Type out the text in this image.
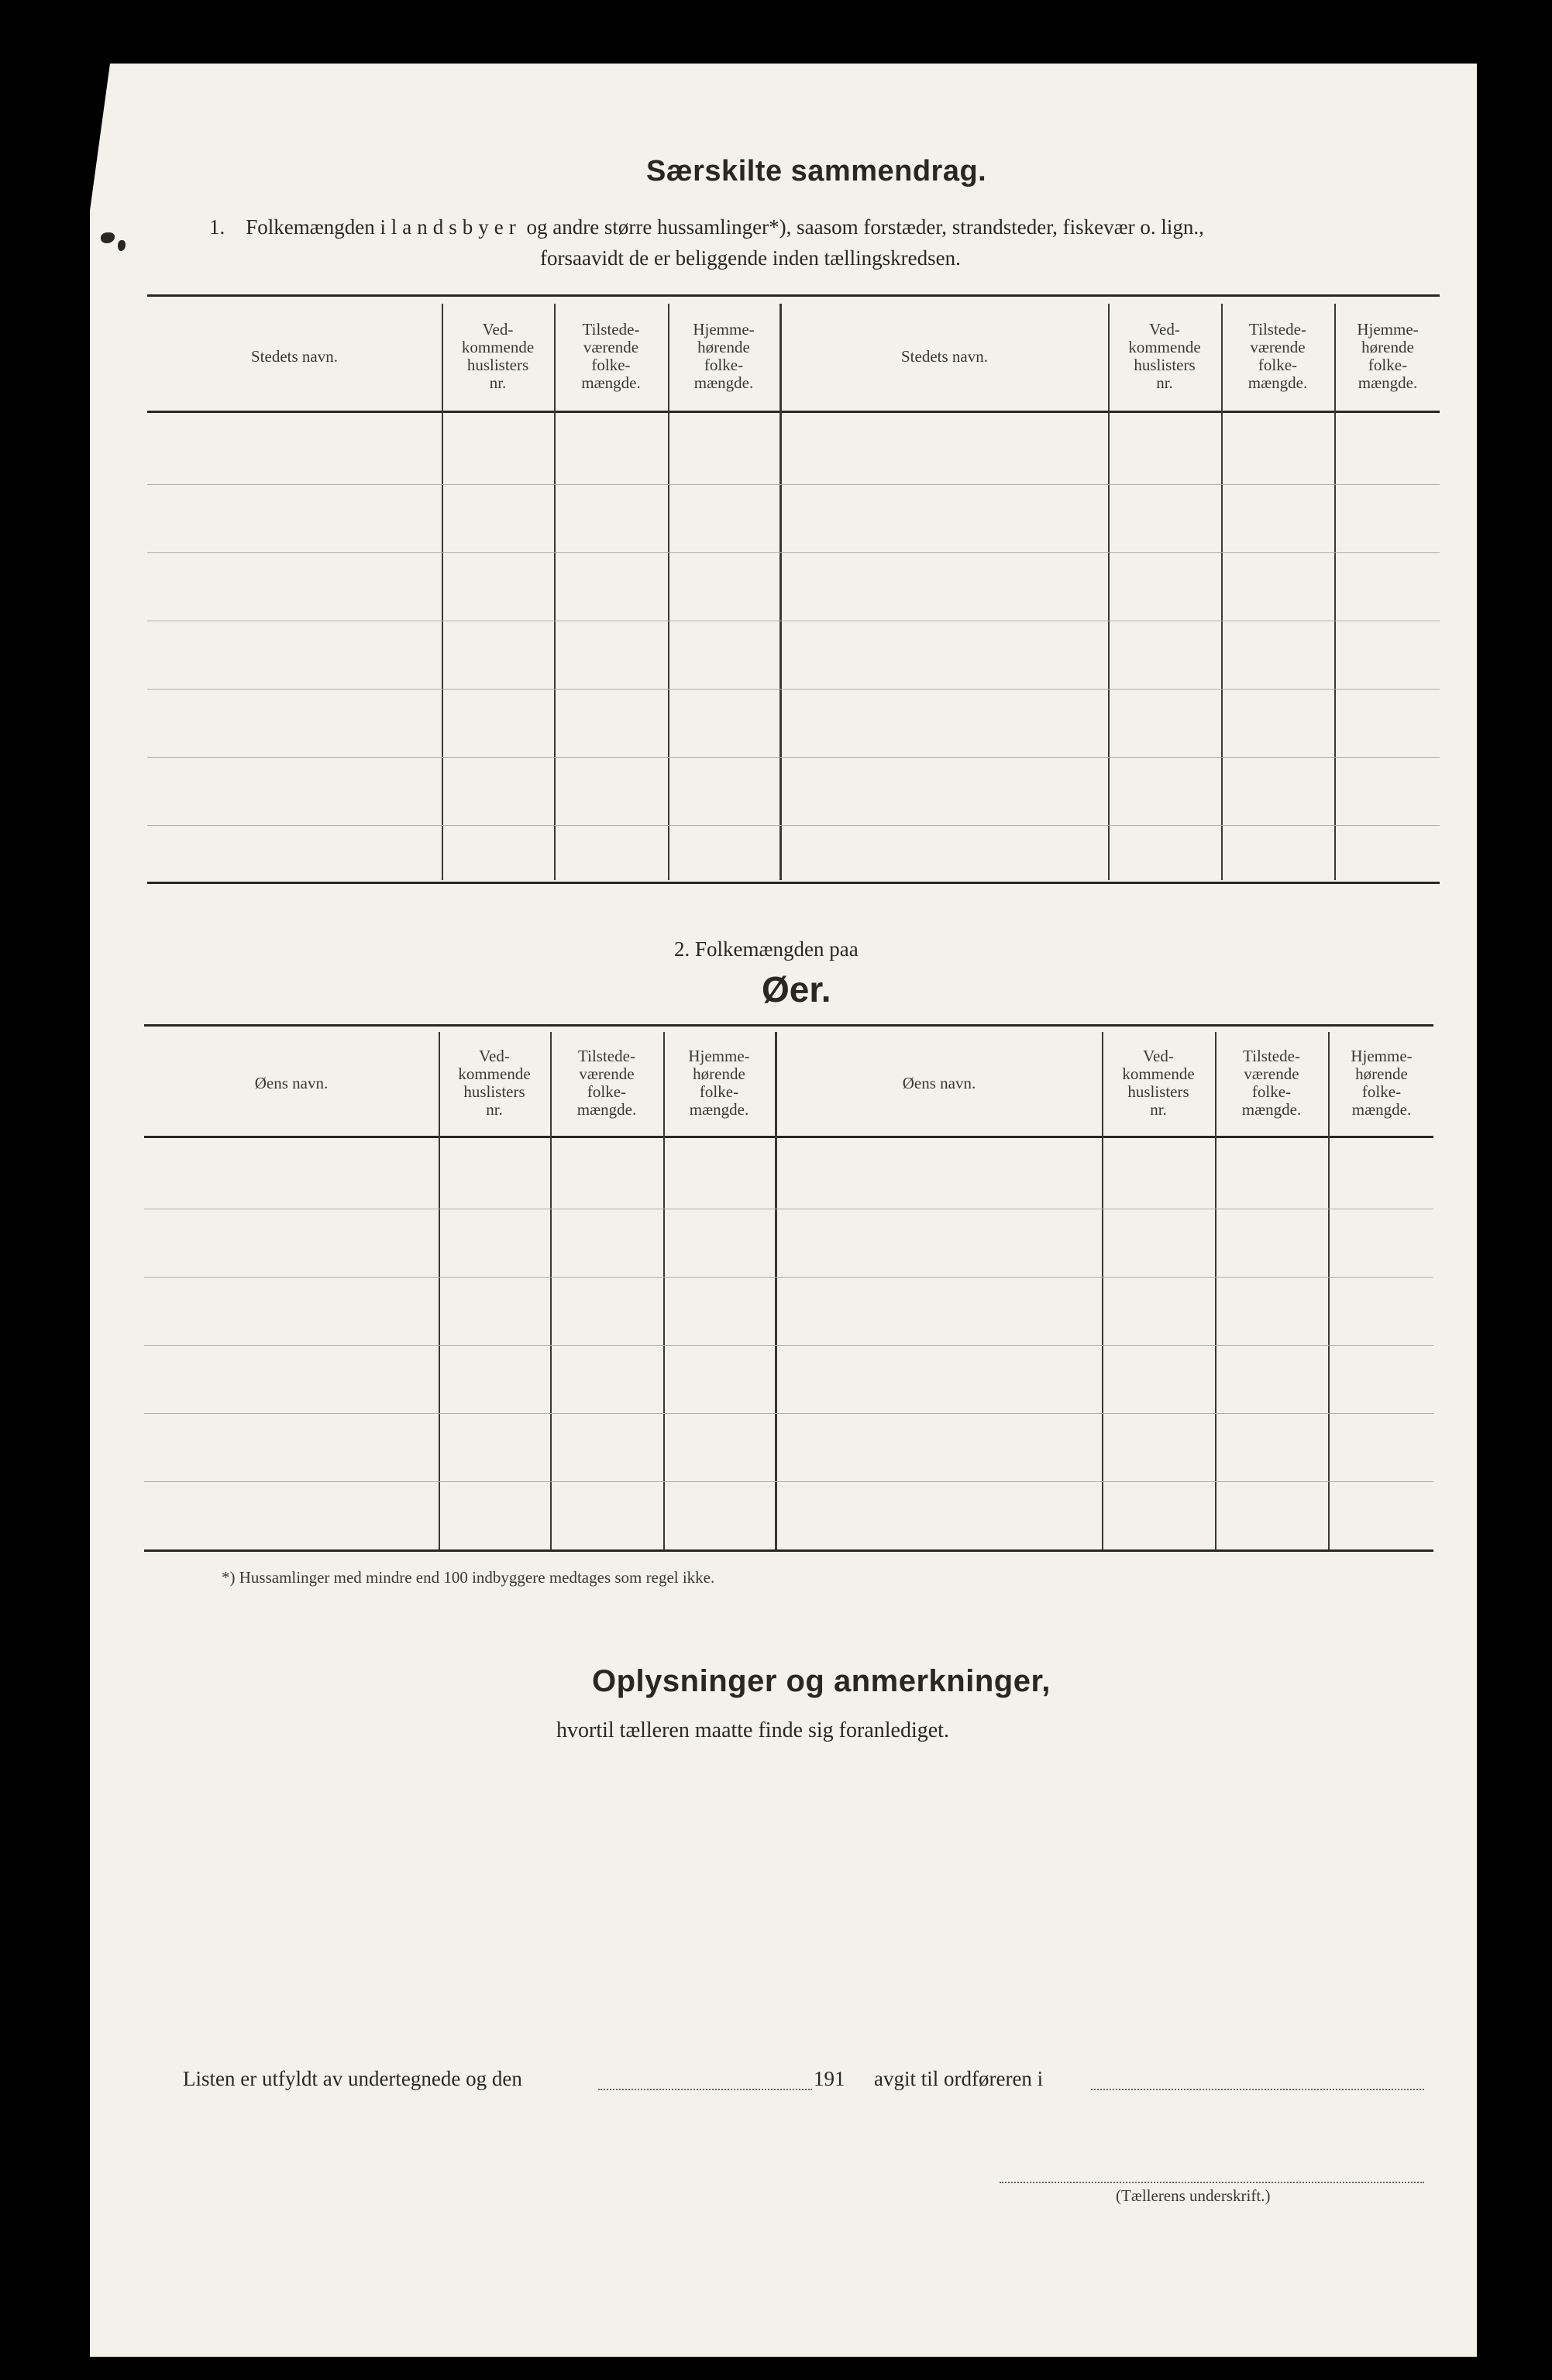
Særskilte sammendrag.
1. Folkemængden i landsbyer og andre større hussamlinger*), saasom forstæder, strandsteder, fiskevær o. lign.,
forsaavidt de er beliggende inden tællingskredsen.
Stedets navn.
Ved-
kommende
huslisters
nr.
Tilstede-
værende
folke-
mængde.
Hjemme-
hørende
folke-
mængde.
Stedets navn.
Ved-
kommende
huslisters
nr.
Tilstede-
værende
folke-
mængde.
Hjemme-
hørende
folke-
mængde.
2. Folkemængden paa
Øer.
Øens navn.
Ved-
kommende
huslisters
nr.
Tilstede-
værende
folke-
mængde.
Hjemme-
hørende
folke-
mængde.
Øens navn.
Ved-
kommende
huslisters
nr.
Tilstede-
værende
folke-
mængde.
Hjemme-
hørende
folke-
mængde.
*) Hussamlinger med mindre end 100 indbyggere medtages som regel ikke.
Oplysninger og anmerkninger,
hvortil tælleren maatte finde sig foranlediget.
Listen er utfyldt av undertegnede og den	191 avgit til ordføreren i
(Tællerens underskrift.)
